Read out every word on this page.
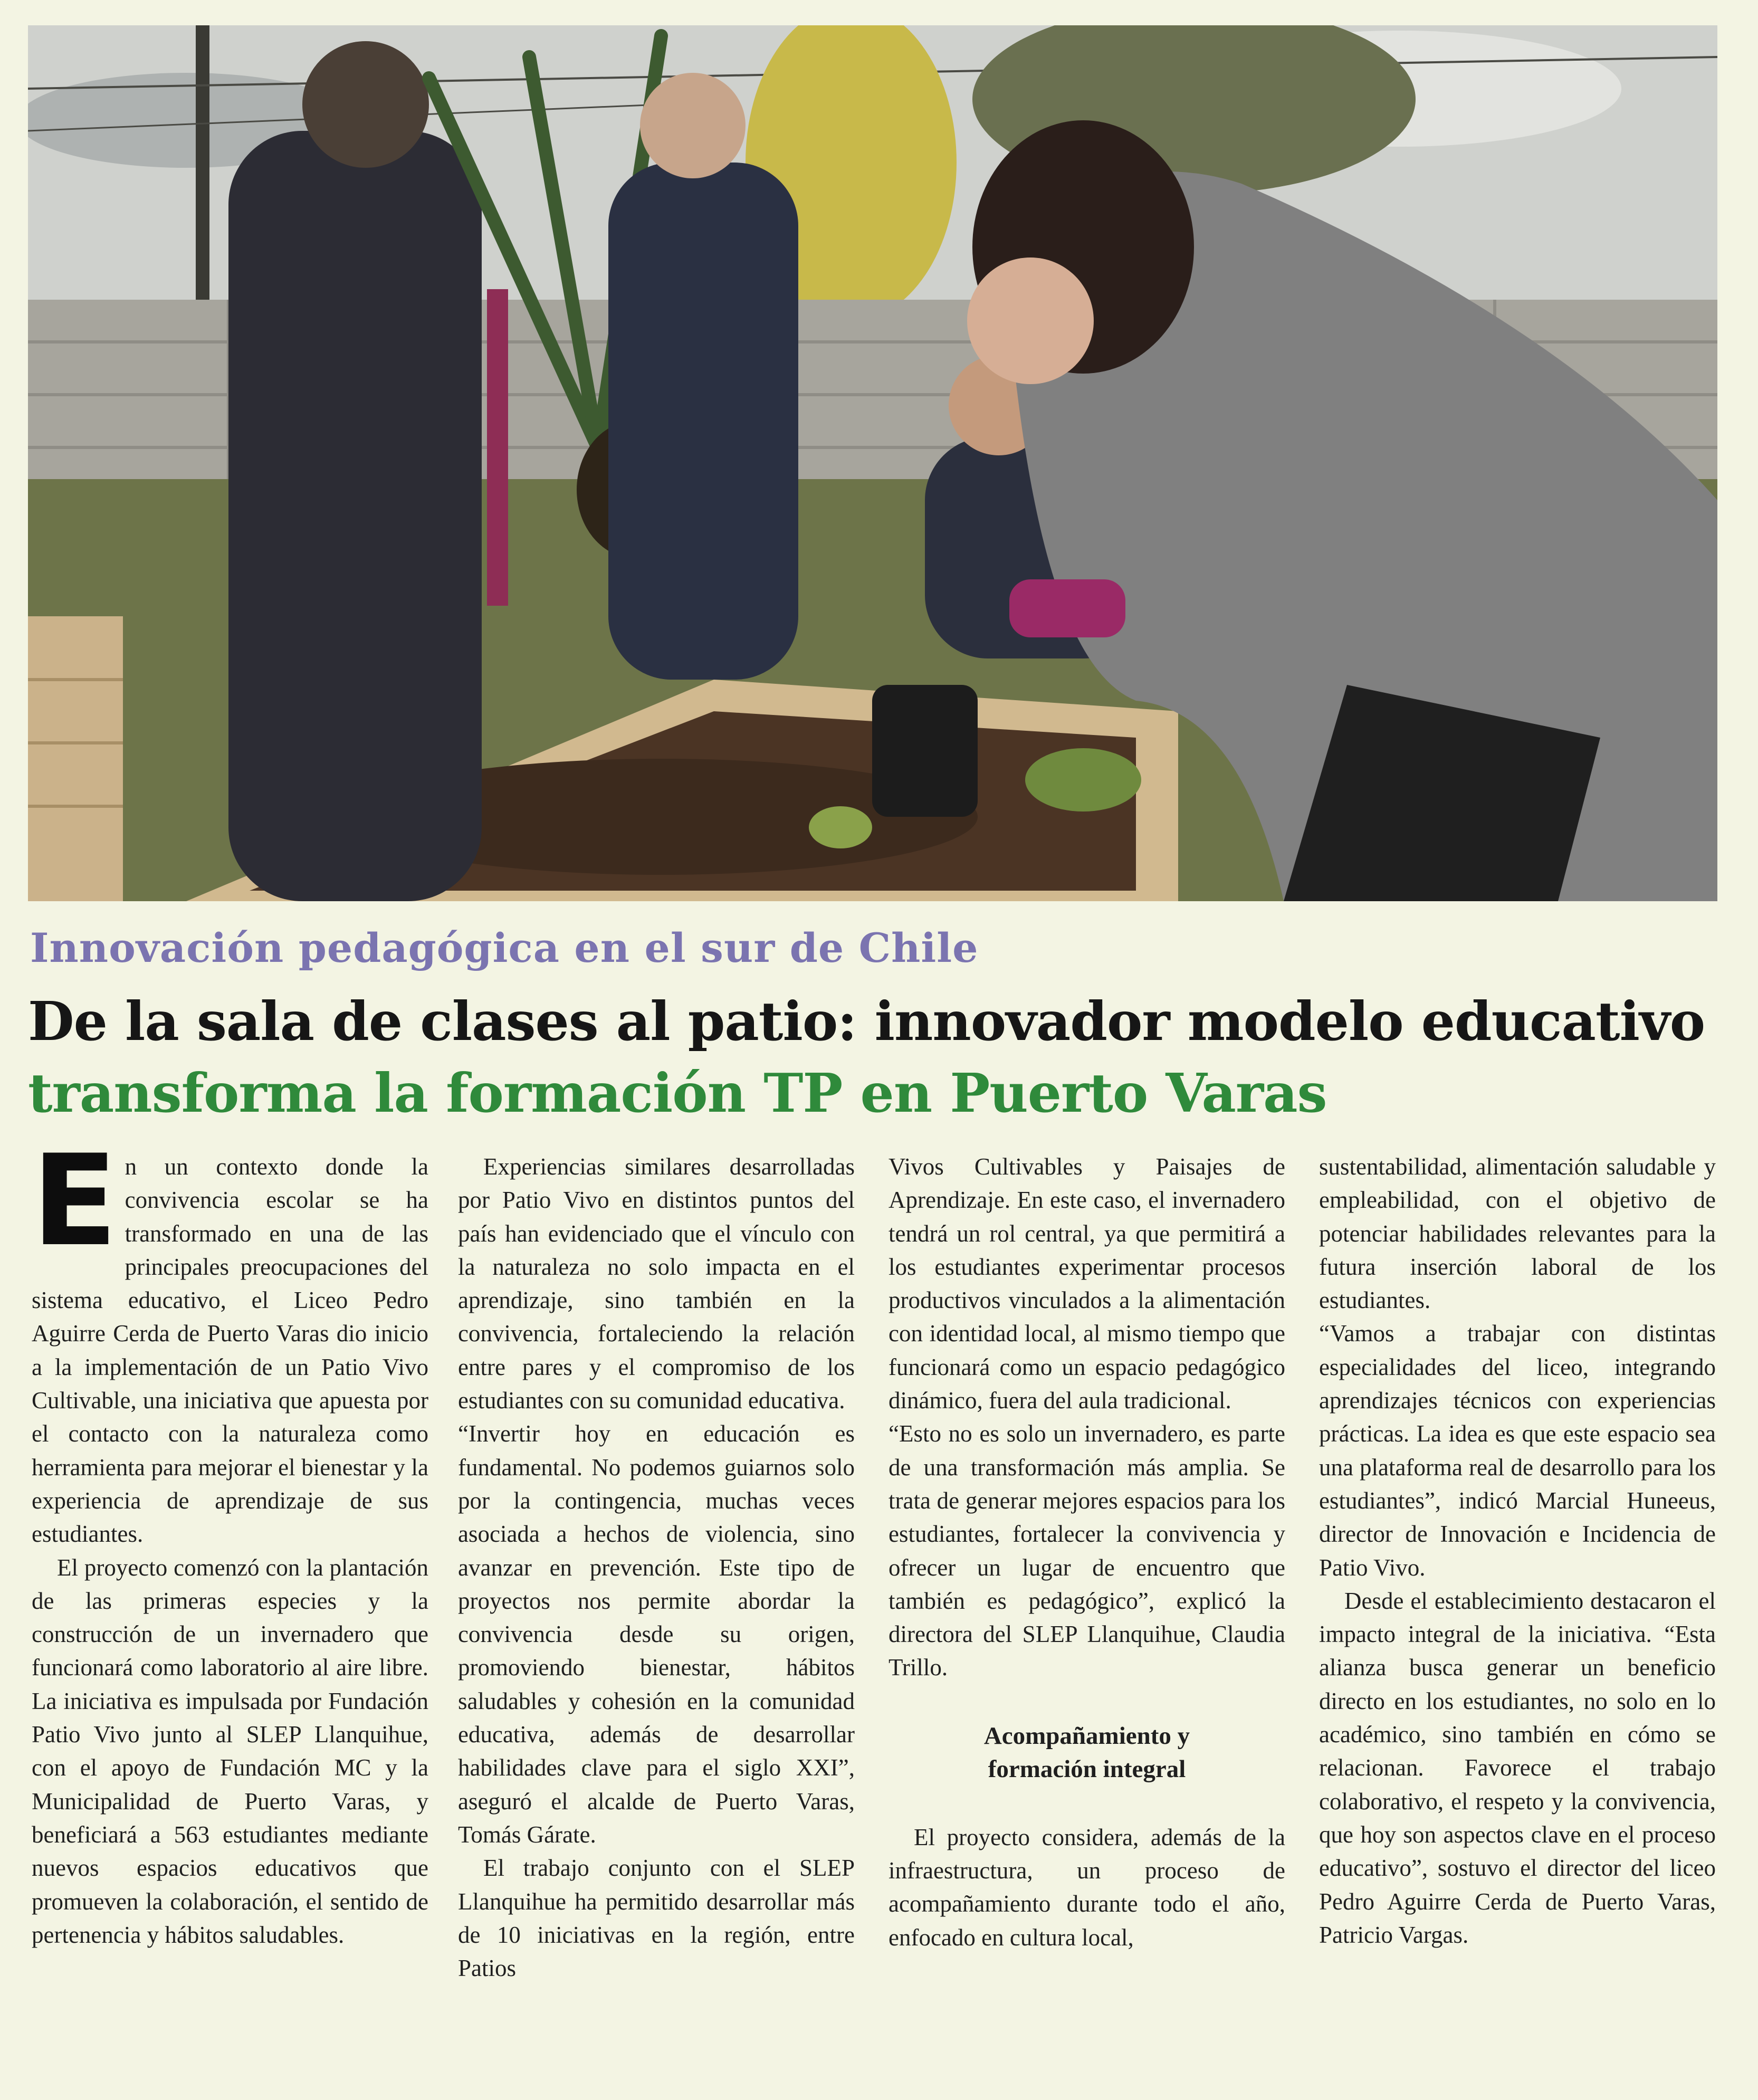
Innovación pedagógica en el sur de Chile
De la sala de clases al patio: innovador modelo educativo transforma la formación TP en Puerto Varas

En un contexto donde la convivencia escolar se ha transformado en una de las principales preocupaciones del sistema educativo, el Liceo Pedro Aguirre Cerda de Puerto Varas dio inicio a la implementación de un Patio Vivo Cultivable, una iniciativa que apuesta por el contacto con la naturaleza como herramienta para mejorar el bienestar y la experiencia de aprendizaje de sus estudiantes.

El proyecto comenzó con la plantación de las primeras especies y la construcción de un invernadero que funcionará como laboratorio al aire libre. La iniciativa es impulsada por Fundación Patio Vivo junto al SLEP Llanquihue, con el apoyo de Fundación MC y la Municipalidad de Puerto Varas, y beneficiará a 563 estudiantes mediante nuevos espacios educativos que promueven la colaboración, el sentido de pertenencia y hábitos saludables.

Experiencias similares desarrolladas por Patio Vivo en distintos puntos del país han evidenciado que el vínculo con la naturaleza no solo impacta en el aprendizaje, sino también en la convivencia, fortaleciendo la relación entre pares y el compromiso de los estudiantes con su comunidad educativa.

“Invertir hoy en educación es fundamental. No podemos guiarnos solo por la contingencia, muchas veces asociada a hechos de violencia, sino avanzar en prevención. Este tipo de proyectos nos permite abordar la convivencia desde su origen, promoviendo bienestar, hábitos saludables y cohesión en la comunidad educativa, además de desarrollar habilidades clave para el siglo XXI”, aseguró el alcalde de Puerto Varas, Tomás Gárate.

El trabajo conjunto con el SLEP Llanquihue ha permitido desarrollar más de 10 iniciativas en la región, entre Patios

Vivos Cultivables y Paisajes de Aprendizaje. En este caso, el invernadero tendrá un rol central, ya que permitirá a los estudiantes experimentar procesos productivos vinculados a la alimentación con identidad local, al mismo tiempo que funcionará como un espacio pedagógico dinámico, fuera del aula tradicional.

“Esto no es solo un invernadero, es parte de una transformación más amplia. Se trata de generar mejores espacios para los estudiantes, fortalecer la convivencia y ofrecer un lugar de encuentro que también es pedagógico”, explicó la directora del SLEP Llanquihue, Claudia Trillo.

Acompañamiento y
formación integral

El proyecto considera, además de la infraestructura, un proceso de acompañamiento durante todo el año, enfocado en cultura local,

sustentabilidad, alimentación saludable y empleabilidad, con el objetivo de potenciar habilidades relevantes para la futura inserción laboral de los estudiantes.

“Vamos a trabajar con distintas especialidades del liceo, integrando aprendizajes técnicos con experiencias prácticas. La idea es que este espacio sea una plataforma real de desarrollo para los estudiantes”, indicó Marcial Huneeus, director de Innovación e Incidencia de Patio Vivo.

Desde el establecimiento destacaron el impacto integral de la iniciativa. “Esta alianza busca generar un beneficio directo en los estudiantes, no solo en lo académico, sino también en cómo se relacionan. Favorece el trabajo colaborativo, el respeto y la convivencia, que hoy son aspectos clave en el proceso educativo”, sostuvo el director del liceo Pedro Aguirre Cerda de Puerto Varas, Patricio Vargas.
